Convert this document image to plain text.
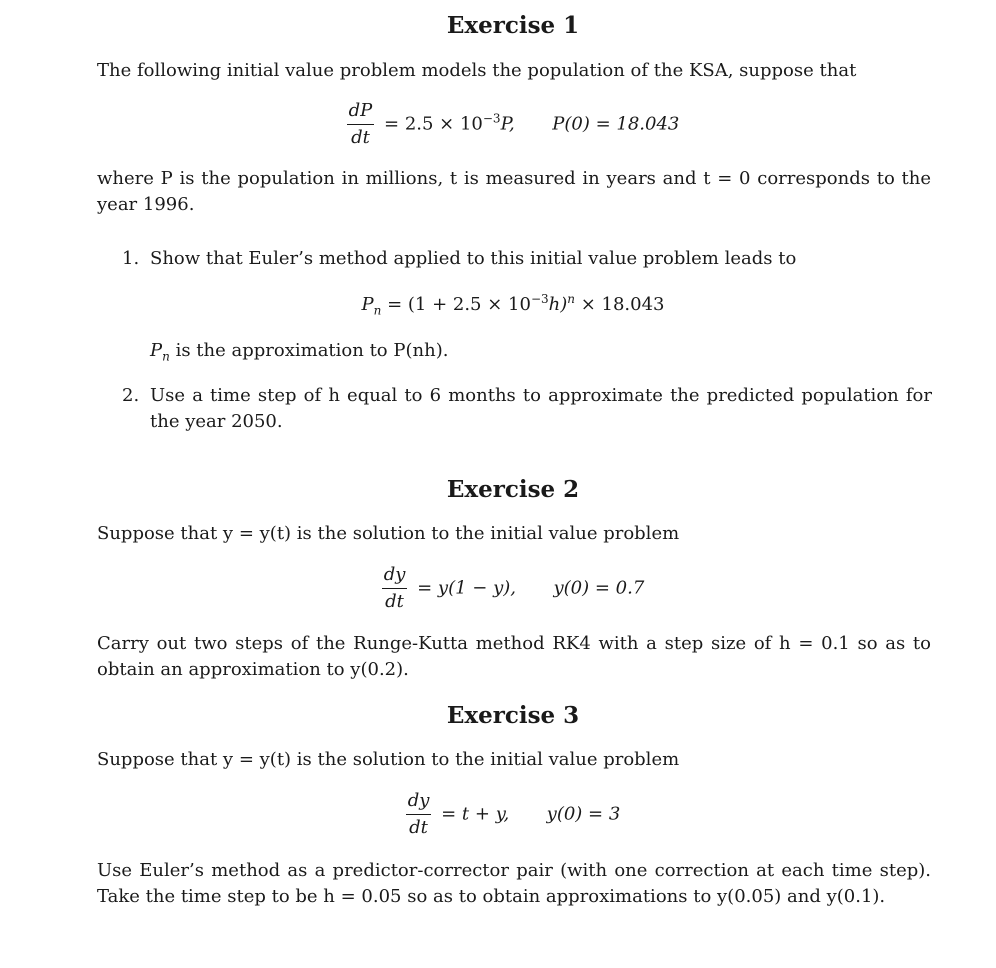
Exercise 1
The following initial value problem models the population of the KSA, suppose that
$\frac{dP}{dt} = 2.5 \times 10^{-3}P$, P(0) = 18.043
where P is the population in millions, t is measured in years and t = 0 corresponds to the year 1996.
1. Show that Euler’s method applied to this initial value problem leads to
$P_n = (1 + 2.5 \times 10^{-3}h)^n \times 18.043$
$P_n$ is the approximation to P(nh).
2. Use a time step of h equal to 6 months to approximate the predicted population for the year 2050.
Exercise 2
Suppose that y = y(t) is the solution to the initial value problem
$\frac{dy}{dt} = y(1 - y)$, y(0) = 0.7
Carry out two steps of the Runge-Kutta method RK4 with a step size of h = 0.1 so as to obtain an approximation to y(0.2).
Exercise 3
Suppose that y = y(t) is the solution to the initial value problem
$\frac{dy}{dt} = t + y$, y(0) = 3
Use Euler’s method as a predictor-corrector pair (with one correction at each time step). Take the time step to be h = 0.05 so as to obtain approximations to y(0.05) and y(0.1).
